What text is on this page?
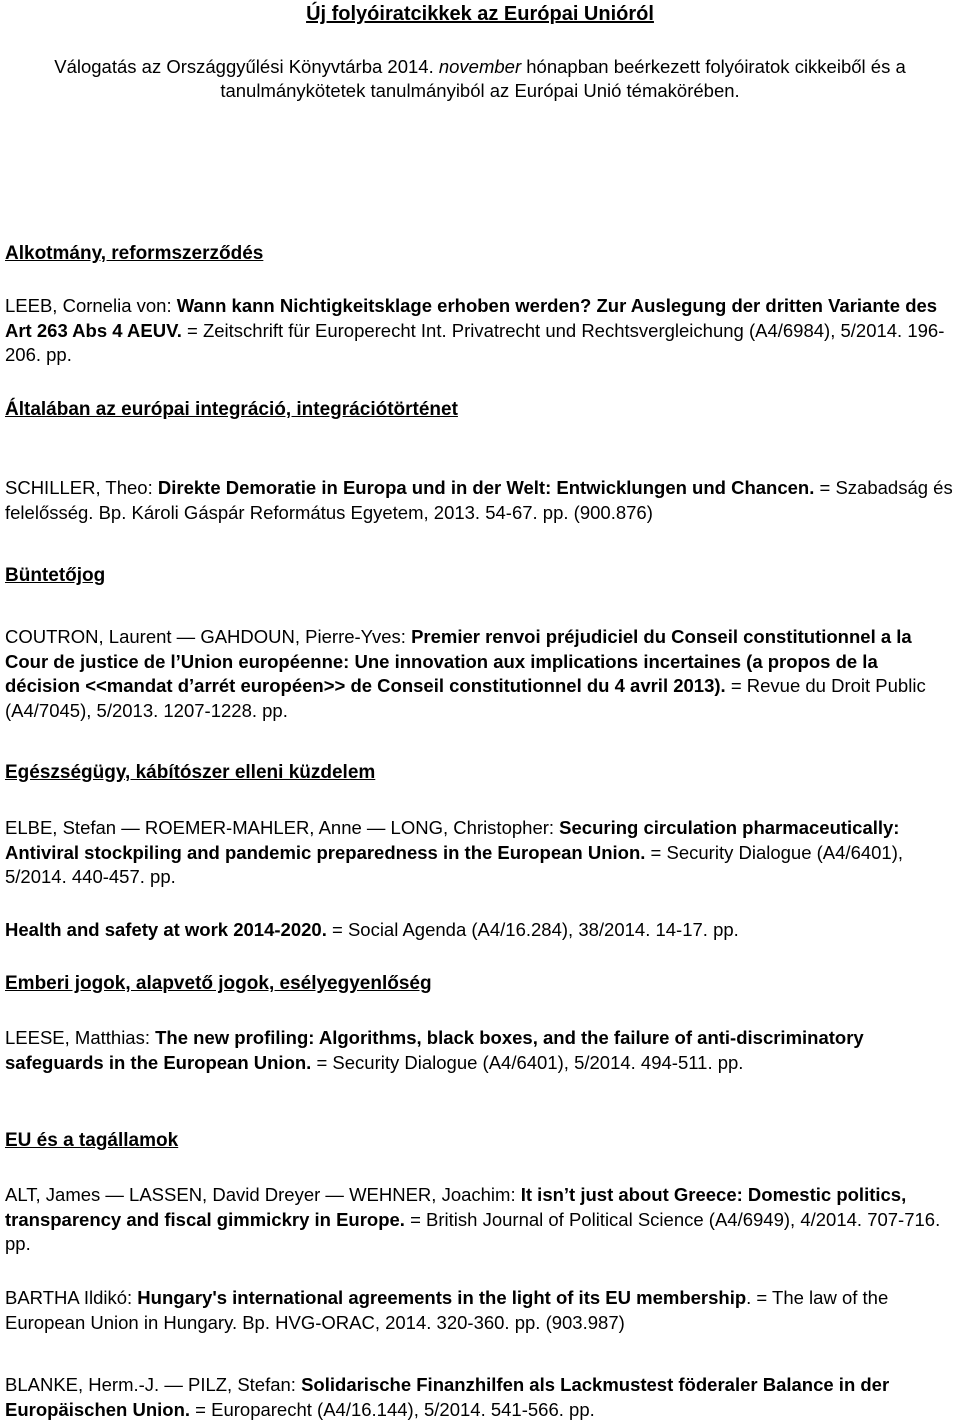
Új folyóiratcikkek az Európai Unióról
Válogatás az Országgyűlési Könyvtárba 2014. november hónapban beérkezett folyóiratok cikkeiből és a tanulmánykötetek tanulmányiból az Európai Unió témakörében.
Alkotmány, reformszerződés
LEEB, Cornelia von: Wann kann Nichtigkeitsklage erhoben werden? Zur Auslegung der dritten Variante des Art 263 Abs 4 AEUV. = Zeitschrift für Europerecht Int. Privatrecht und Rechtsvergleichung (A4/6984), 5/2014. 196-206. pp.
Általában az európai integráció, integrációtörténet
SCHILLER, Theo: Direkte Demoratie in Europa und in der Welt: Entwicklungen und Chancen. = Szabadság és felelősség. Bp. Károli Gáspár Református Egyetem, 2013. 54-67. pp. (900.876)
Büntetőjog
COUTRON, Laurent — GAHDOUN, Pierre-Yves: Premier renvoi préjudiciel du Conseil constitutionnel a la Cour de justice de l’Union européenne: Une innovation aux implications incertaines (a propos de la décision <<mandat d’arrét européen>> de Conseil constitutionnel du 4 avril 2013). = Revue du Droit Public (A4/7045), 5/2013. 1207-1228. pp.
Egészségügy, kábítószer elleni küzdelem
ELBE, Stefan — ROEMER-MAHLER, Anne — LONG, Christopher: Securing circulation pharmaceutically: Antiviral stockpiling and pandemic preparedness in the European Union. = Security Dialogue (A4/6401), 5/2014. 440-457. pp.
Health and safety at work 2014-2020. = Social Agenda (A4/16.284), 38/2014. 14-17. pp.
Emberi jogok, alapvető jogok, esélyegyenlőség
LEESE, Matthias: The new profiling: Algorithms, black boxes, and the failure of anti-discriminatory safeguards in the European Union. = Security Dialogue (A4/6401), 5/2014. 494-511. pp.
EU és a tagállamok
ALT, James — LASSEN, David Dreyer — WEHNER, Joachim: It isn’t just about Greece: Domestic politics, transparency and fiscal gimmickry in Europe. = British Journal of Political Science (A4/6949), 4/2014. 707-716. pp.
BARTHA Ildikó: Hungary's international agreements in the light of its EU membership. = The law of the European Union in Hungary. Bp. HVG-ORAC, 2014. 320-360. pp. (903.987)
BLANKE, Herm.-J. — PILZ, Stefan: Solidarische Finanzhilfen als Lackmustest föderaler Balance in der Europäischen Union. = Europarecht (A4/16.144), 5/2014. 541-566. pp.
